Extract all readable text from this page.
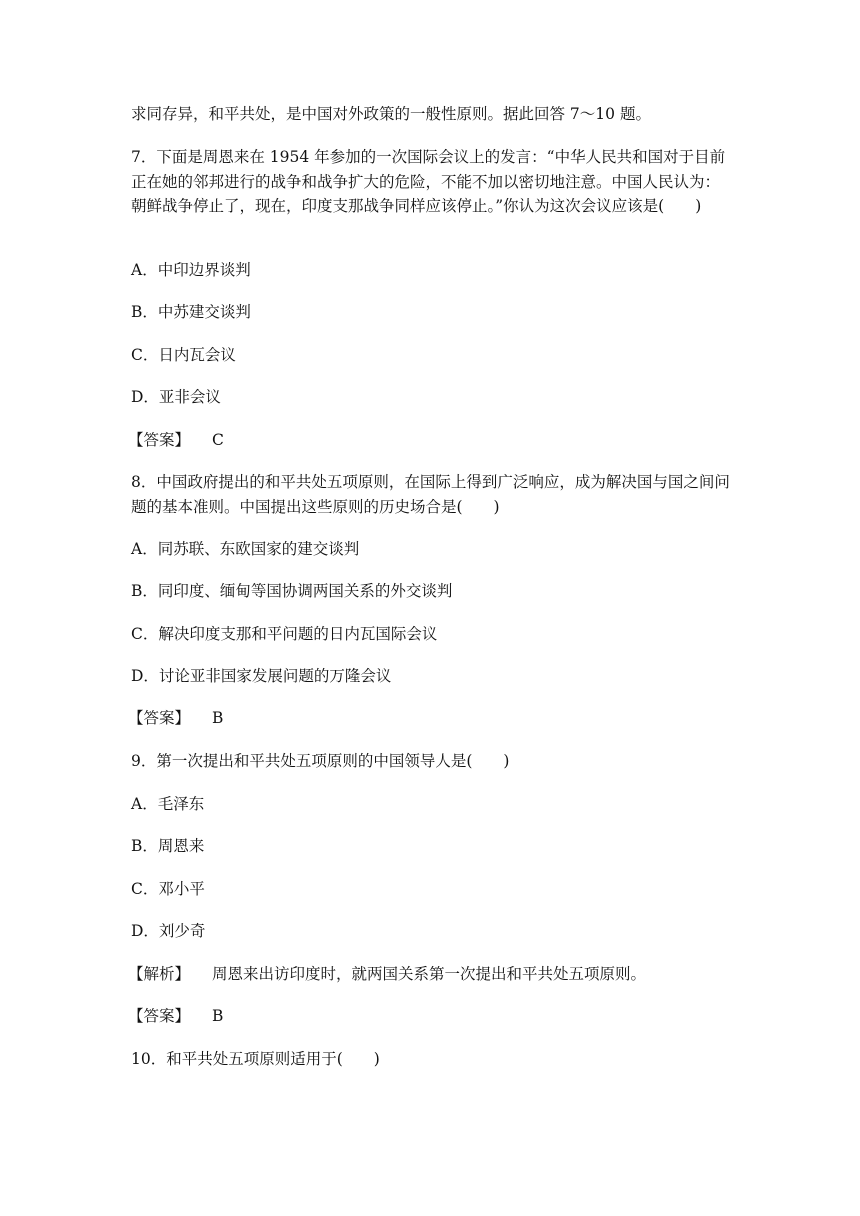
求同存异，和平共处，是中国对外政策的一般性原则。据此回答 7～10 题。
7．下面是周恩来在 1954 年参加的一次国际会议上的发言：“中华人民共和国对于目前正在她的邻邦进行的战争和战争扩大的危险，不能不加以密切地注意。中国人民认为：朝鲜战争停止了，现在，印度支那战争同样应该停止。”你认为这次会议应该是(　　)
A．中印边界谈判
B．中苏建交谈判
C．日内瓦会议
D．亚非会议
【答案】 C
8．中国政府提出的和平共处五项原则，在国际上得到广泛响应，成为解决国与国之间问题的基本准则。中国提出这些原则的历史场合是(　　)
A．同苏联、东欧国家的建交谈判
B．同印度、缅甸等国协调两国关系的外交谈判
C．解决印度支那和平问题的日内瓦国际会议
D．讨论亚非国家发展问题的万隆会议
【答案】 B
9．第一次提出和平共处五项原则的中国领导人是(　　)
A．毛泽东
B．周恩来
C．邓小平
D．刘少奇
【解析】 周恩来出访印度时，就两国关系第一次提出和平共处五项原则。
【答案】 B
10．和平共处五项原则适用于(　　)
